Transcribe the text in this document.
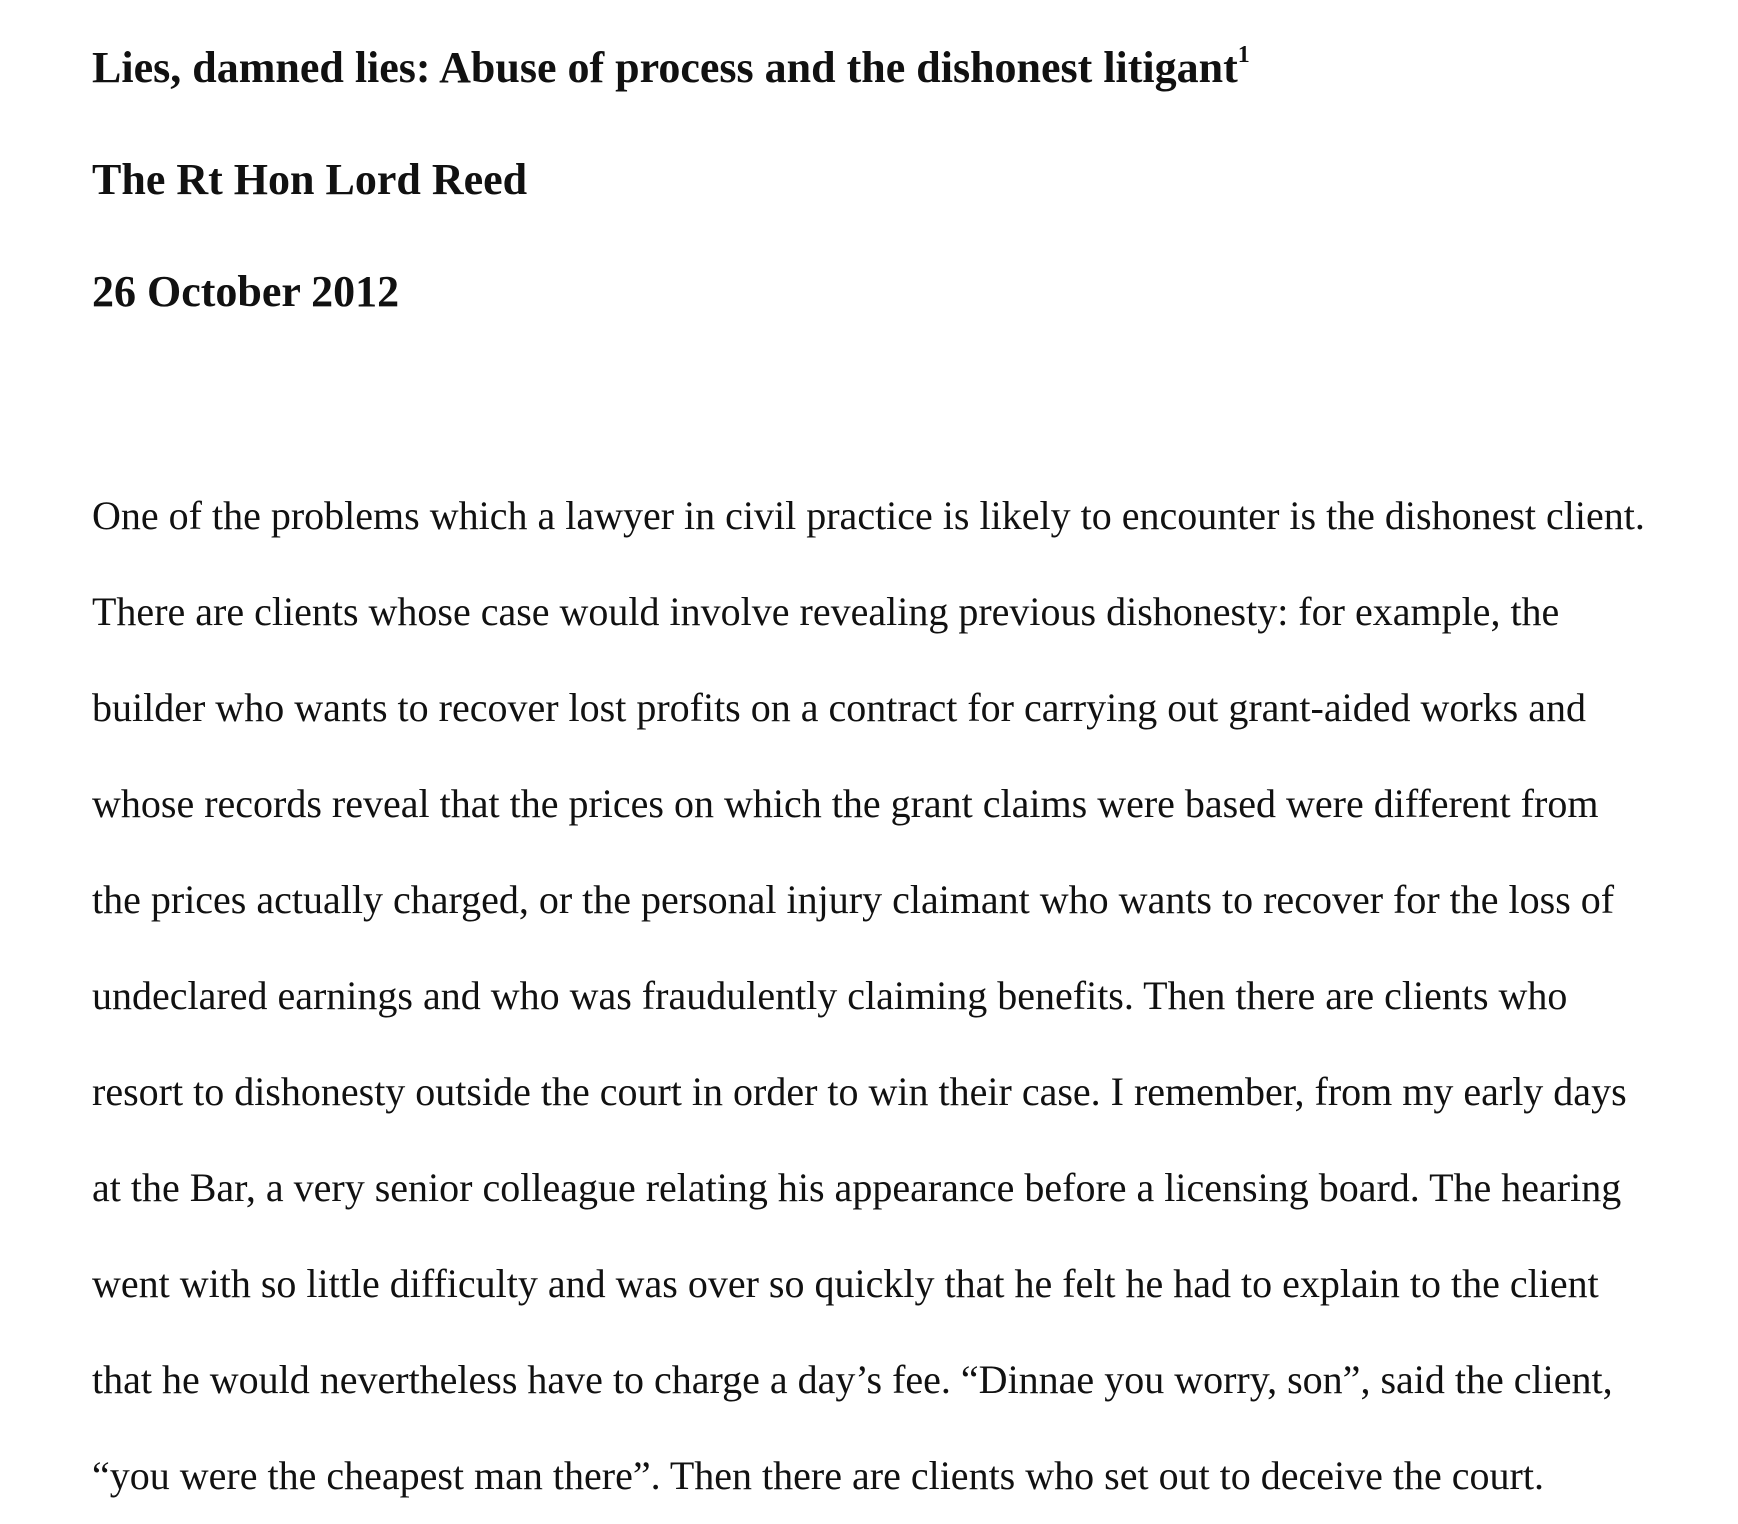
Lies, damned lies: Abuse of process and the dishonest litigant$^1$
The Rt Hon Lord Reed
26 October 2012

One of the problems which a lawyer in civil practice is likely to encounter is the dishonest client.

There are clients whose case would involve revealing previous dishonesty: for example, the

builder who wants to recover lost profits on a contract for carrying out grant-aided works and

whose records reveal that the prices on which the grant claims were based were different from

the prices actually charged, or the personal injury claimant who wants to recover for the loss of

undeclared earnings and who was fraudulently claiming benefits. Then there are clients who

resort to dishonesty outside the court in order to win their case. I remember, from my early days

at the Bar, a very senior colleague relating his appearance before a licensing board. The hearing

went with so little difficulty and was over so quickly that he felt he had to explain to the client

that he would nevertheless have to charge a day’s fee. “Dinnae you worry, son”, said the client,

“you were the cheapest man there”. Then there are clients who set out to deceive the court.
